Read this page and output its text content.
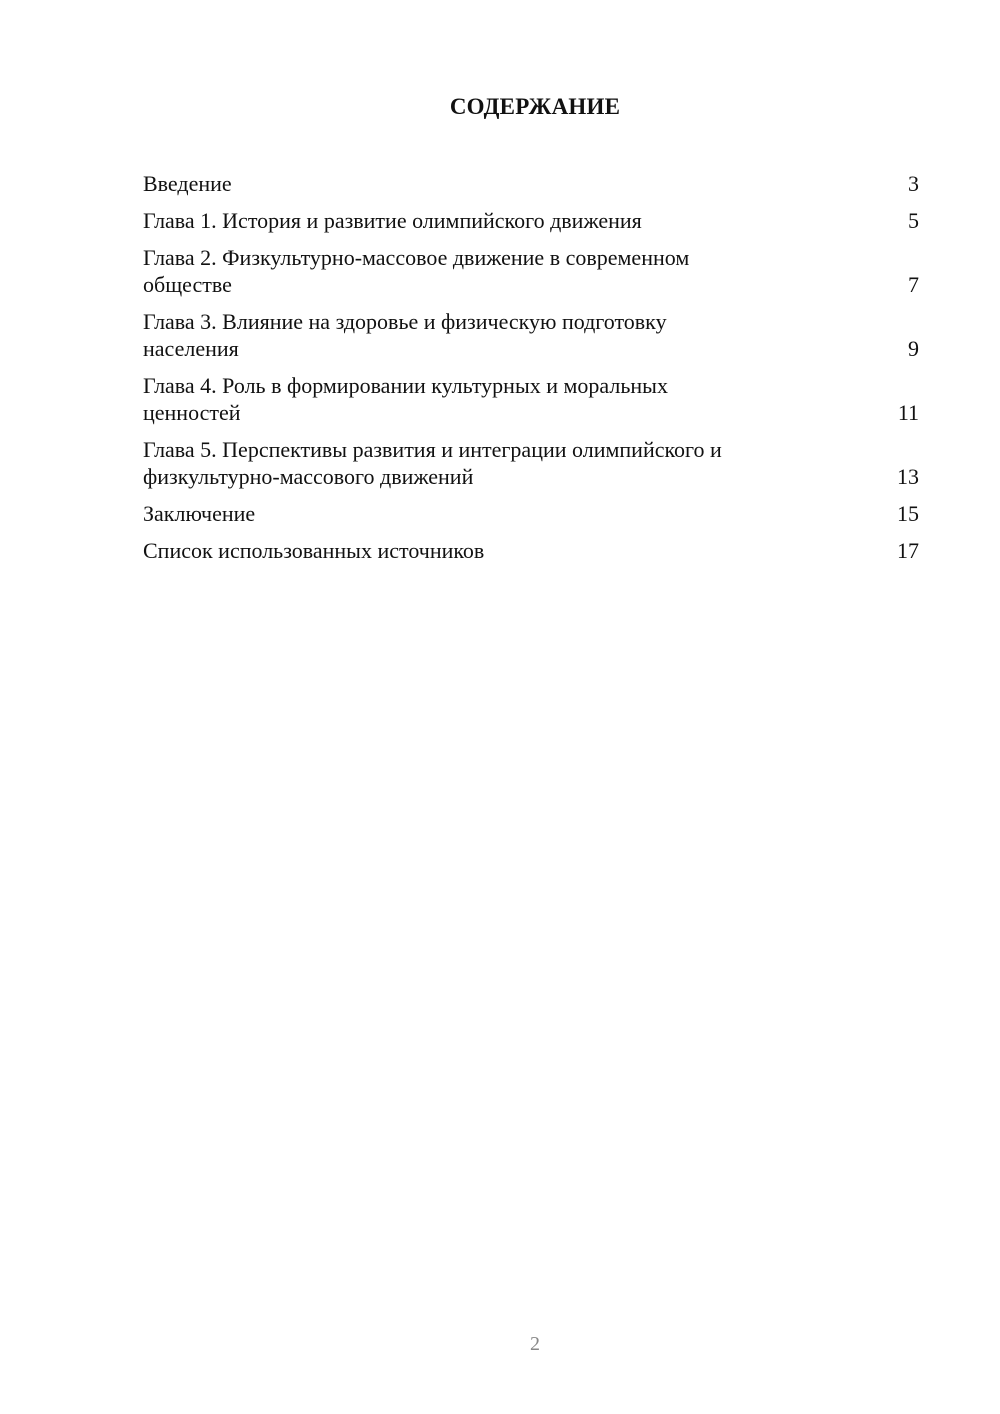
СОДЕРЖАНИЕ
Введение	3
Глава 1. История и развитие олимпийского движения	5
Глава 2. Физкультурно-массовое движение в современном
обществе	7
Глава 3. Влияние на здоровье и физическую подготовку
населения	9
Глава 4. Роль в формировании культурных и моральных
ценностей	11
Глава 5. Перспективы развития и интеграции олимпийского и
физкультурно-массового движений	13
Заключение	15
Список использованных источников	17
2
